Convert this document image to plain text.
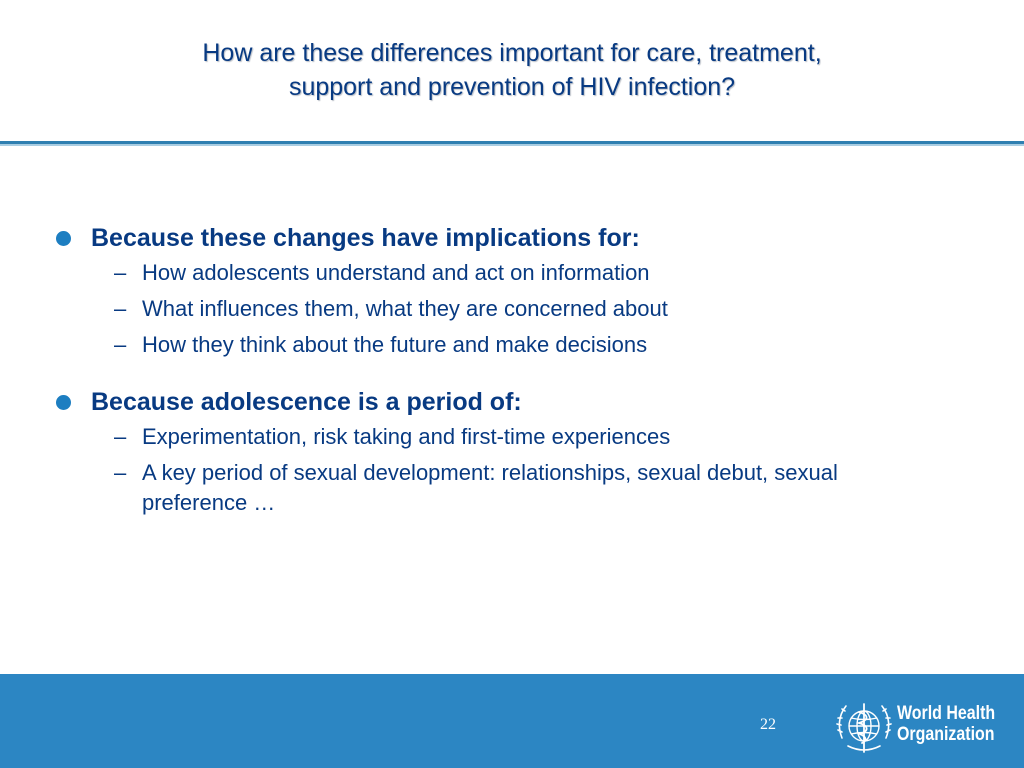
How are these differences important for care, treatment,
support and prevention of HIV infection?
Because these changes have implications for:
– How adolescents understand and act on information
– What influences them, what they are concerned about
– How they think about the future and make decisions
Because adolescence is a period of:
– Experimentation, risk taking and first-time experiences
– A key period of sexual development: relationships, sexual debut, sexual preference …
22
World Health
Organization
